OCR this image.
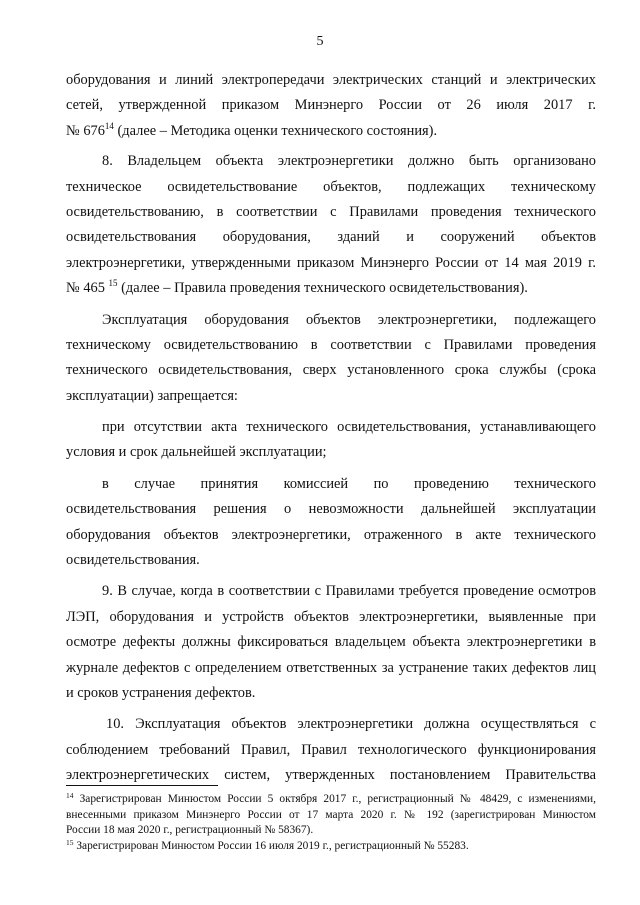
5
оборудования и линий электропередачи электрических станций и электрических
сетей, утвержденной приказом Минэнерго России от 26 июля 2017 г.
№ $676^{14}$ (далее – Методика оценки технического состояния).
8. Владельцем объекта электроэнергетики должно быть организовано
техническое освидетельствование объектов, подлежащих техническому
освидетельствованию, в соответствии с Правилами проведения технического
освидетельствования оборудования, зданий и сооружений объектов
электроэнергетики, утвержденными приказом Минэнерго России от 14 мая 2019 г.
№ 465 $^{15}$ (далее – Правила проведения технического освидетельствования).
Эксплуатация оборудования объектов электроэнергетики, подлежащего
техническому освидетельствованию в соответствии с Правилами проведения
технического освидетельствования, сверх установленного срока службы (срока
эксплуатации) запрещается:
при отсутствии акта технического освидетельствования, устанавливающего
условия и срок дальнейшей эксплуатации;
в случае принятия комиссией по проведению технического
освидетельствования решения о невозможности дальнейшей эксплуатации
оборудования объектов электроэнергетики, отраженного в акте технического
освидетельствования.
9. В случае, когда в соответствии с Правилами требуется проведение осмотров
ЛЭП, оборудования и устройств объектов электроэнергетики, выявленные при
осмотре дефекты должны фиксироваться владельцем объекта электроэнергетики в
журнале дефектов с определением ответственных за устранение таких дефектов лиц
и сроков устранения дефектов.
10. Эксплуатация объектов электроэнергетики должна осуществляться с
соблюдением требований Правил, Правил технологического функционирования
электроэнергетических систем, утвержденных постановлением Правительства
$^{14}$ Зарегистрирован Минюстом России 5 октября 2017 г., регистрационный № 48429, с изменениями,
внесенными приказом Минэнерго России от 17 марта 2020 г. № 192 (зарегистрирован Минюстом
России 18 мая 2020 г., регистрационный № 58367).
$^{15}$ Зарегистрирован Минюстом России 16 июля 2019 г., регистрационный № 55283.
